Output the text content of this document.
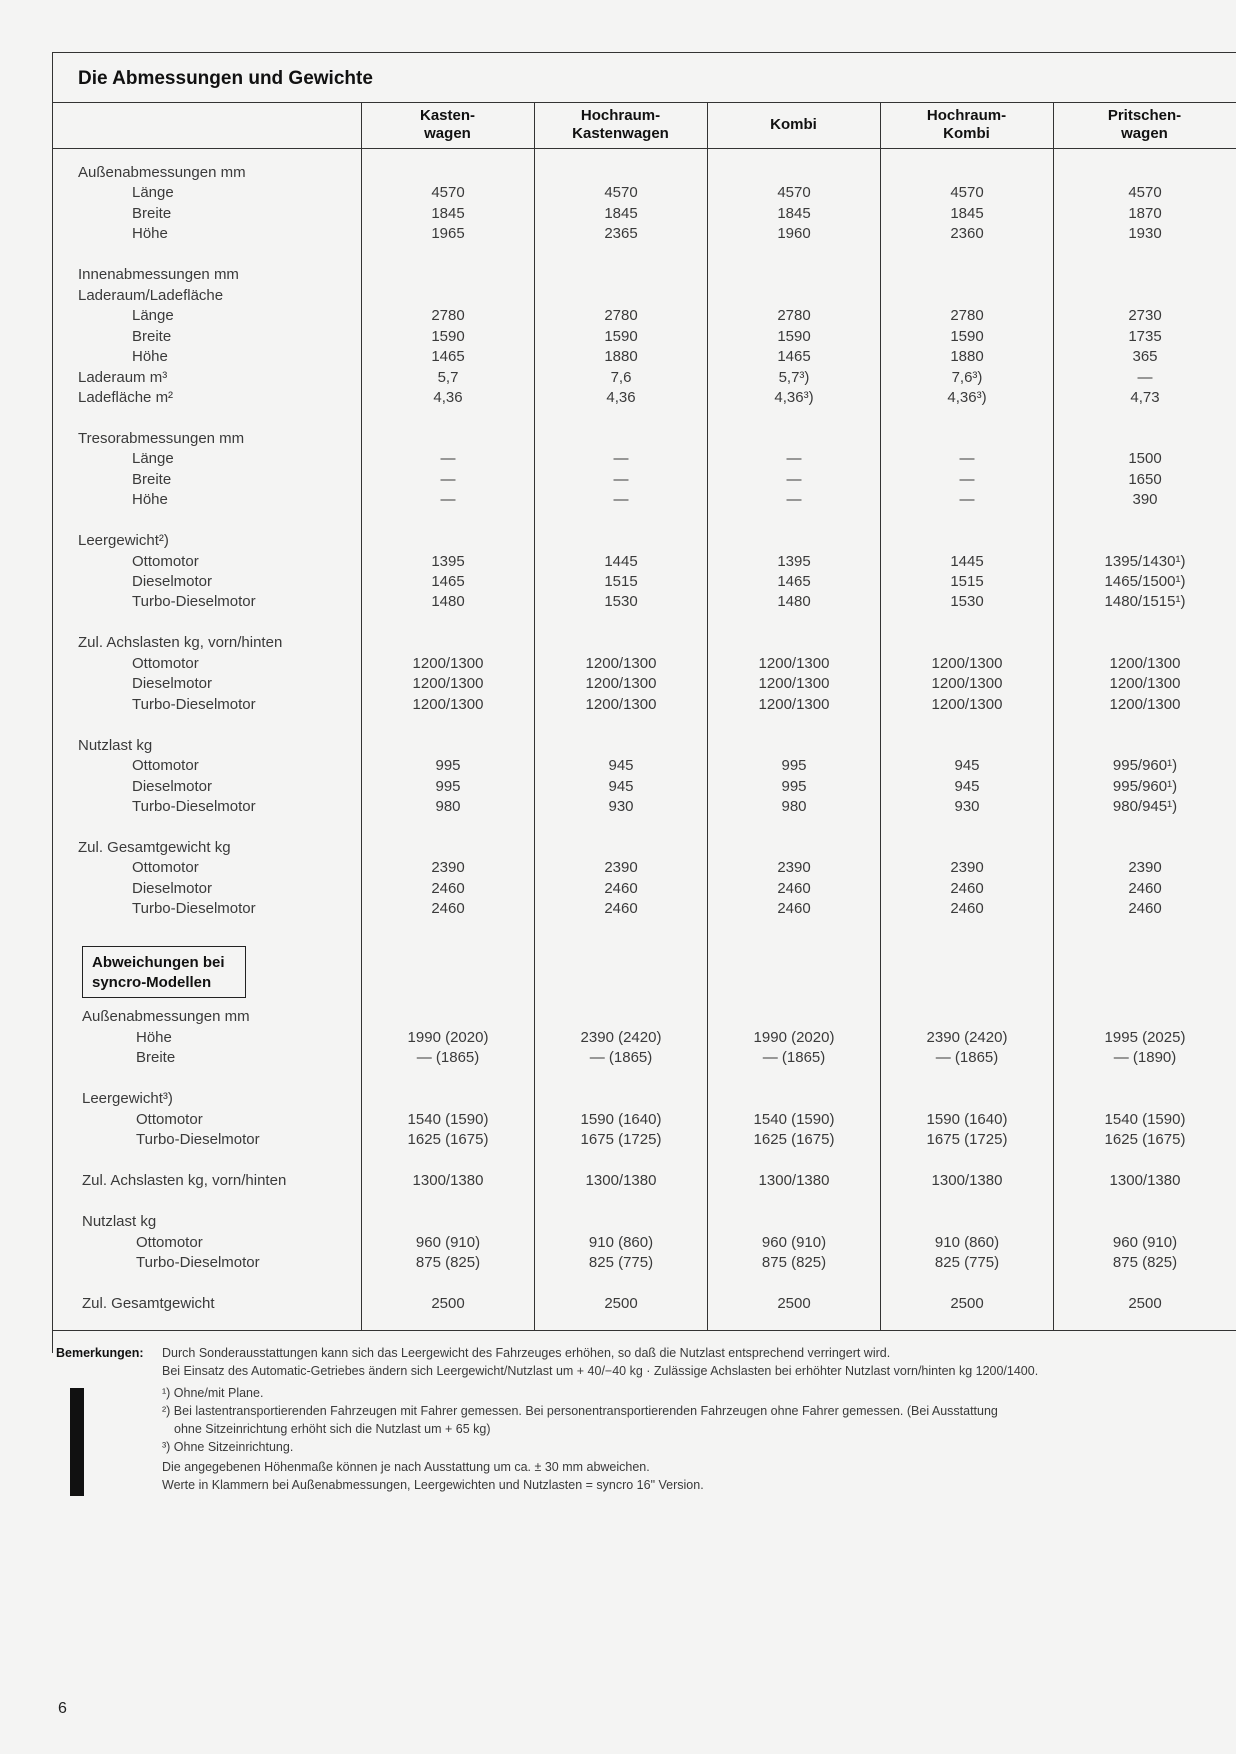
Die Abmessungen und Gewichte
Kasten-
wagen
Hochraum-
Kastenwagen
Kombi
Hochraum-
Kombi
Pritschen-
wagen
Außenabmessungen mm
Länge	4570	4570	4570	4570	4570
Breite	1845	1845	1845	1845	1870
Höhe	1965	2365	1960	2360	1930
Innenabmessungen mm
Laderaum/Ladefläche
Länge	2780	2780	2780	2780	2730
Breite	1590	1590	1590	1590	1735
Höhe	1465	1880	1465	1880	365
Laderaum m³	5,7	7,6	5,7³)	7,6³)	—
Ladefläche m²	4,36	4,36	4,36³)	4,36³)	4,73
Tresorabmessungen mm
Länge	—	—	—	—	1500
Breite	—	—	—	—	1650
Höhe	—	—	—	—	390
Leergewicht²)
Ottomotor	1395	1445	1395	1445	1395/1430¹)
Dieselmotor	1465	1515	1465	1515	1465/1500¹)
Turbo-Dieselmotor	1480	1530	1480	1530	1480/1515¹)
Zul. Achslasten kg, vorn/hinten
Ottomotor	1200/1300	1200/1300	1200/1300	1200/1300	1200/1300
Dieselmotor	1200/1300	1200/1300	1200/1300	1200/1300	1200/1300
Turbo-Dieselmotor	1200/1300	1200/1300	1200/1300	1200/1300	1200/1300
Nutzlast kg
Ottomotor	995	945	995	945	995/960¹)
Dieselmotor	995	945	995	945	995/960¹)
Turbo-Dieselmotor	980	930	980	930	980/945¹)
Zul. Gesamtgewicht kg
Ottomotor	2390	2390	2390	2390	2390
Dieselmotor	2460	2460	2460	2460	2460
Turbo-Dieselmotor	2460	2460	2460	2460	2460
Abweichungen bei
syncro-Modellen
Außenabmessungen mm
Höhe	1990 (2020)	2390 (2420)	1990 (2020)	2390 (2420)	1995 (2025)
Breite	— (1865)	— (1865)	— (1865)	— (1865)	— (1890)
Leergewicht³)
Ottomotor	1540 (1590)	1590 (1640)	1540 (1590)	1590 (1640)	1540 (1590)
Turbo-Dieselmotor	1625 (1675)	1675 (1725)	1625 (1675)	1675 (1725)	1625 (1675)
Zul. Achslasten kg, vorn/hinten	1300/1380	1300/1380	1300/1380	1300/1380	1300/1380
Nutzlast kg
Ottomotor	960 (910)	910 (860)	960 (910)	910 (860)	960 (910)
Turbo-Dieselmotor	875 (825)	825 (775)	875 (825)	825 (775)	875 (825)
Zul. Gesamtgewicht	2500	2500	2500	2500	2500
Bemerkungen: Durch Sonderausstattungen kann sich das Leergewicht des Fahrzeuges erhöhen, so daß die Nutzlast entsprechend verringert wird.
Bei Einsatz des Automatic-Getriebes ändern sich Leergewicht/Nutzlast um + 40/−40 kg · Zulässige Achslasten bei erhöhter Nutzlast vorn/hinten kg 1200/1400.
¹) Ohne/mit Plane.
²) Bei lastentransportierenden Fahrzeugen mit Fahrer gemessen. Bei personentransportierenden Fahrzeugen ohne Fahrer gemessen. (Bei Ausstattung
ohne Sitzeinrichtung erhöht sich die Nutzlast um + 65 kg)
³) Ohne Sitzeinrichtung.
Die angegebenen Höhenmaße können je nach Ausstattung um ca. ± 30 mm abweichen.
Werte in Klammern bei Außenabmessungen, Leergewichten und Nutzlasten = syncro 16" Version.
6
